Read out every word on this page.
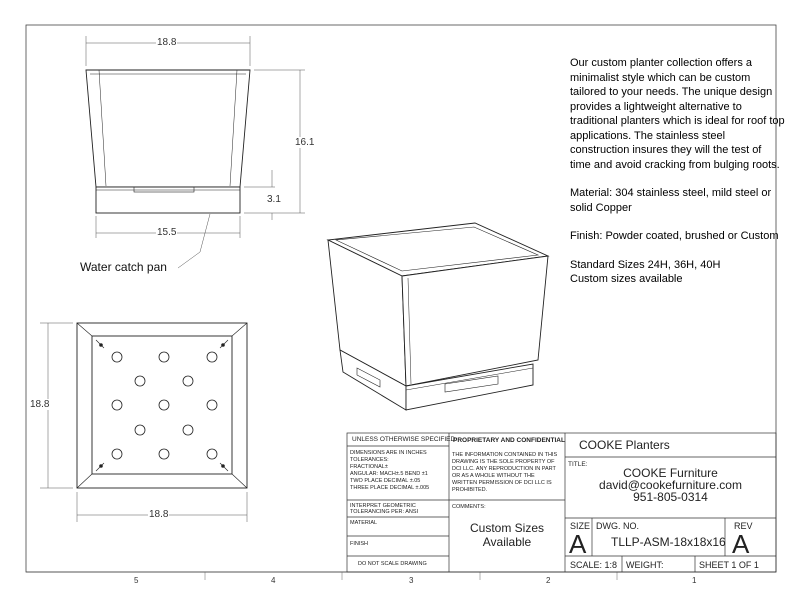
18.8
16.1
3.1
15.5
Water catch pan
18.8
18.8

Our custom planter collection offers a minimalist style which can be custom tailored to your needs. The unique design provides a lightweight alternative to traditional planters which is ideal for roof top applications. The stainless steel construction insures they will the test of time and avoid cracking from bulging roots.

Material: 304 stainless steel, mild steel or solid Copper

Finish: Powder coated, brushed or Custom

Standard Sizes 24H, 36H, 40H
Custom sizes available

UNLESS OTHERWISE SPECIFIED:
DIMENSIONS ARE IN INCHES
TOLERANCES:
FRACTIONAL±
ANGULAR: MACH±.5 BEND ±1
TWO PLACE DECIMAL ±.05
THREE PLACE DECIMAL ±.005
INTERPRET GEOMETRIC
TOLERANCING PER: ANSI
MATERIAL
FINISH
DO NOT SCALE DRAWING
PROPRIETARY AND CONFIDENTIAL
THE INFORMATION CONTAINED IN THIS DRAWING IS THE SOLE PROPERTY OF DCI LLC. ANY REPRODUCTION IN PART OR AS A WHOLE WITHOUT THE WRITTEN PERMISSION OF DCI LLC IS PROHIBITED.
COMMENTS:
Custom Sizes
Available
COOKE Planters
TITLE:
COOKE Furniture
david@cookefurniture.com
951-805-0314
SIZE
A
DWG. NO.
TLLP-ASM-18x18x16
REV
A
SCALE: 1:8 WEIGHT:	SHEET 1 OF 1
5	4	3	2	1
